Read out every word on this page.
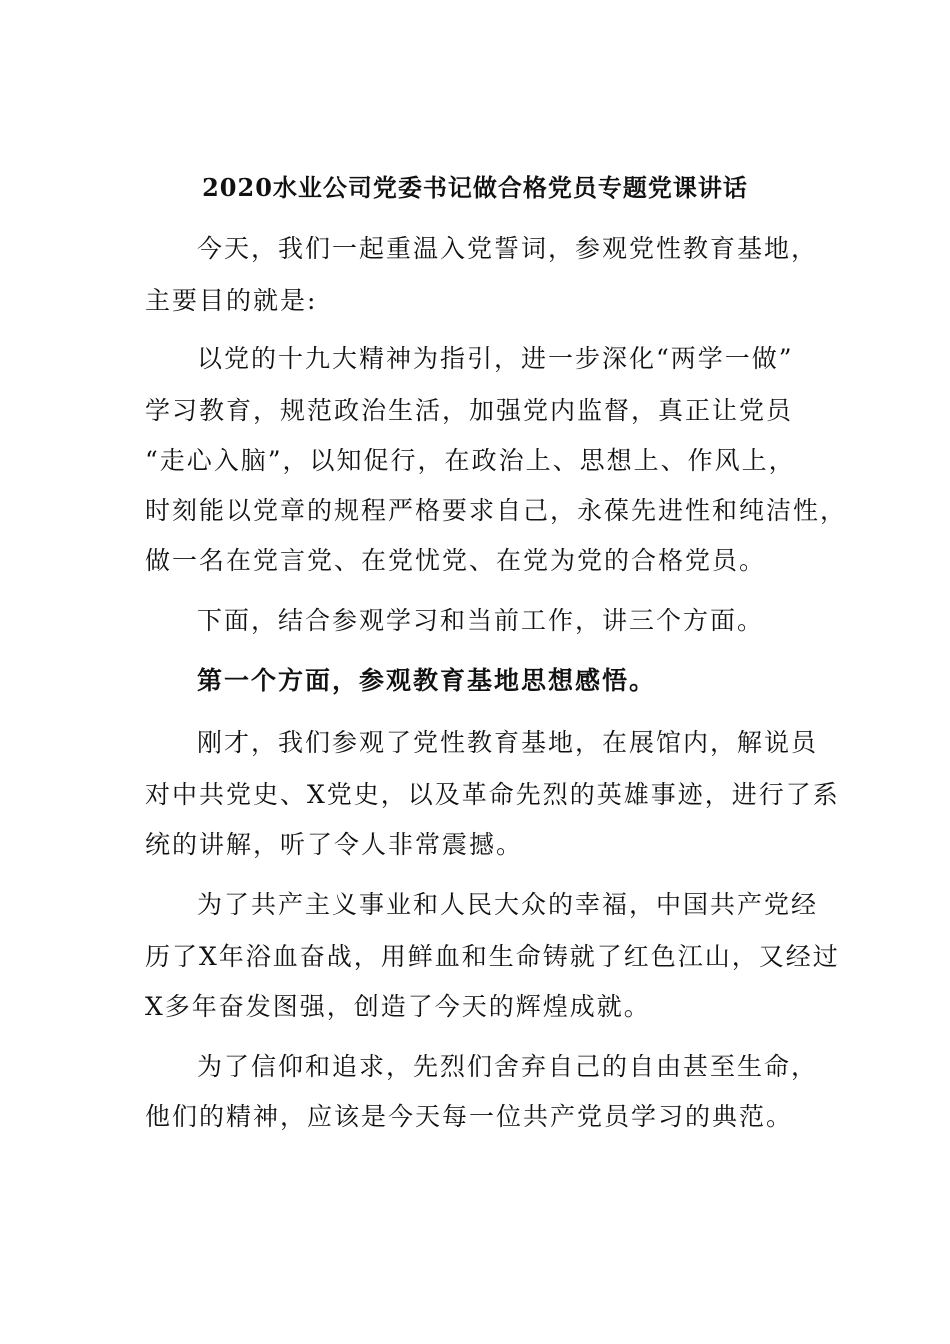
2020水业公司党委书记做合格党员专题党课讲话
今天，我们一起重温入党誓词，参观党性教育基地，
主要目的就是:
以党的十九大精神为指引，进一步深化“两学一做”
学习教育，规范政治生活，加强党内监督，真正让党员
“走心入脑”，以知促行，在政治上、思想上、作风上，
时刻能以党章的规程严格要求自己，永葆先进性和纯洁性，
做一名在党言党、在党忧党、在党为党的合格党员。
下面，结合参观学习和当前工作，讲三个方面。
第一个方面，参观教育基地思想感悟。
刚才，我们参观了党性教育基地，在展馆内，解说员
对中共党史、X党史，以及革命先烈的英雄事迹，进行了系
统的讲解，听了令人非常震撼。
为了共产主义事业和人民大众的幸福，中国共产党经
历了X年浴血奋战，用鲜血和生命铸就了红色江山，又经过
X多年奋发图强，创造了今天的辉煌成就。
为了信仰和追求，先烈们舍弃自己的自由甚至生命，
他们的精神，应该是今天每一位共产党员学习的典范。
